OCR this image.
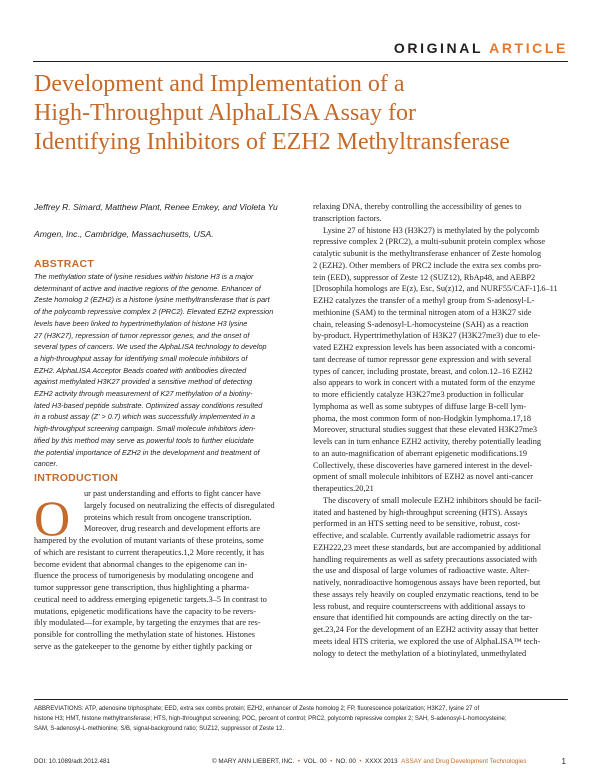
ORIGINAL ARTICLE
Development and Implementation of a
High-Throughput AlphaLISA Assay for
Identifying Inhibitors of EZH2 Methyltransferase
Jeffrey R. Simard, Matthew Plant, Renee Emkey, and Violeta Yu
Amgen, Inc., Cambridge, Massachusetts, USA.
ABSTRACT
The methylation state of lysine residues within histone H3 is a major
determinant of active and inactive regions of the genome. Enhancer of
Zeste homolog 2 (EZH2) is a histone lysine methyltransferase that is part
of the polycomb repressive complex 2 (PRC2). Elevated EZH2 expression
levels have been linked to hypertrimethylation of histone H3 lysine
27 (H3K27), repression of tumor repressor genes, and the onset of
several types of cancers. We used the AlphaLISA technology to develop
a high-throughput assay for identifying small molecule inhibitors of
EZH2. AlphaLISA Acceptor Beads coated with antibodies directed
against methylated H3K27 provided a sensitive method of detecting
EZH2 activity through measurement of K27 methylation of a biotiny-
lated H3-based peptide substrate. Optimized assay conditions resulted
in a robust assay (Z' > 0.7) which was successfully implemented in a
high-throughput screening campaign. Small molecule inhibitors iden-
tified by this method may serve as powerful tools to further elucidate
the potential importance of EZH2 in the development and treatment of
cancer.
INTRODUCTION
O	ur past understanding and efforts to fight cancer have
largely focused on neutralizing the effects of disregulated
proteins which result from oncogene transcription.
Moreover, drug research and development efforts are
hampered by the evolution of mutant variants of these proteins, some
of which are resistant to current therapeutics.1,2 More recently, it has
become evident that abnormal changes to the epigenome can in-
fluence the process of tumorigenesis by modulating oncogene and
tumor suppressor gene transcription, thus highlighting a pharma-
ceutical need to address emerging epigenetic targets.3–5 In contrast to
mutations, epigenetic modifications have the capacity to be revers-
ibly modulated—for example, by targeting the enzymes that are res-
ponsible for controlling the methylation state of histones. Histones
serve as the gatekeeper to the genome by either tightly packing or
relaxing DNA, thereby controlling the accessibility of genes to
transcription factors.
Lysine 27 of histone H3 (H3K27) is methylated by the polycomb
repressive complex 2 (PRC2), a multi-subunit protein complex whose
catalytic subunit is the methyltransferase enhancer of Zeste homolog
2 (EZH2). Other members of PRC2 include the extra sex combs pro-
tein (EED), suppressor of Zeste 12 (SUZ12), RbAp48, and AEBP2
[Drosophila homologs are E(z), Esc, Su(z)12, and NURF55/CAF-1].6–11
EZH2 catalyzes the transfer of a methyl group from S-adenosyl-L-
methionine (SAM) to the terminal nitrogen atom of a H3K27 side
chain, releasing S-adenosyl-L-homocysteine (SAH) as a reaction
by-product. Hypertrimethylation of H3K27 (H3K27me3) due to ele-
vated EZH2 expression levels has been associated with a concomi-
tant decrease of tumor repressor gene expression and with several
types of cancer, including prostate, breast, and colon.12–16 EZH2
also appears to work in concert with a mutated form of the enzyme
to more efficiently catalyze H3K27me3 production in follicular
lymphoma as well as some subtypes of diffuse large B-cell lym-
phoma, the most common form of non-Hodgkin lymphoma.17,18
Moreover, structural studies suggest that these elevated H3K27me3
levels can in turn enhance EZH2 activity, thereby potentially leading
to an auto-magnification of aberrant epigenetic modifications.19
Collectively, these discoveries have garnered interest in the devel-
opment of small molecule inhibitors of EZH2 as novel anti-cancer
therapeutics.20,21
The discovery of small molecule EZH2 inhibitors should be facil-
itated and hastened by high-throughput screening (HTS). Assays
performed in an HTS setting need to be sensitive, robust, cost-
effective, and scalable. Currently available radiometric assays for
EZH222,23 meet these standards, but are accompanied by additional
handling requirements as well as safety precautions associated with
the use and disposal of large volumes of radioactive waste. Alter-
natively, nonradioactive homogenous assays have been reported, but
these assays rely heavily on coupled enzymatic reactions, tend to be
less robust, and require counterscreens with additional assays to
ensure that identified hit compounds are acting directly on the tar-
get.23,24 For the development of an EZH2 activity assay that better
meets ideal HTS criteria, we explored the use of AlphaLISA™ tech-
nology to detect the methylation of a biotinylated, unmethylated
ABBREVIATIONS: ATP, adenosine triphosphate; EED, extra sex combs protein; EZH2, enhancer of Zeste homolog 2; FP, fluorescence polarization; H3K27, lysine 27 of
histone H3; HMT, histone methyltransferase; HTS, high-throughput screening; POC, percent of control; PRC2, polycomb repressive complex 2; SAH, S-adenosyl-L-homocysteine;
SAM, S-adenosyl-L-methionine; S/B, signal-background ratio; SUZ12, suppressor of Zeste 12.
DOI: 10.1089/adt.2012.481	© MARY ANN LIEBERT, INC. • VOL. 00 • NO. 00 • XXXX 2013 ASSAY and Drug Development Technologies	1
